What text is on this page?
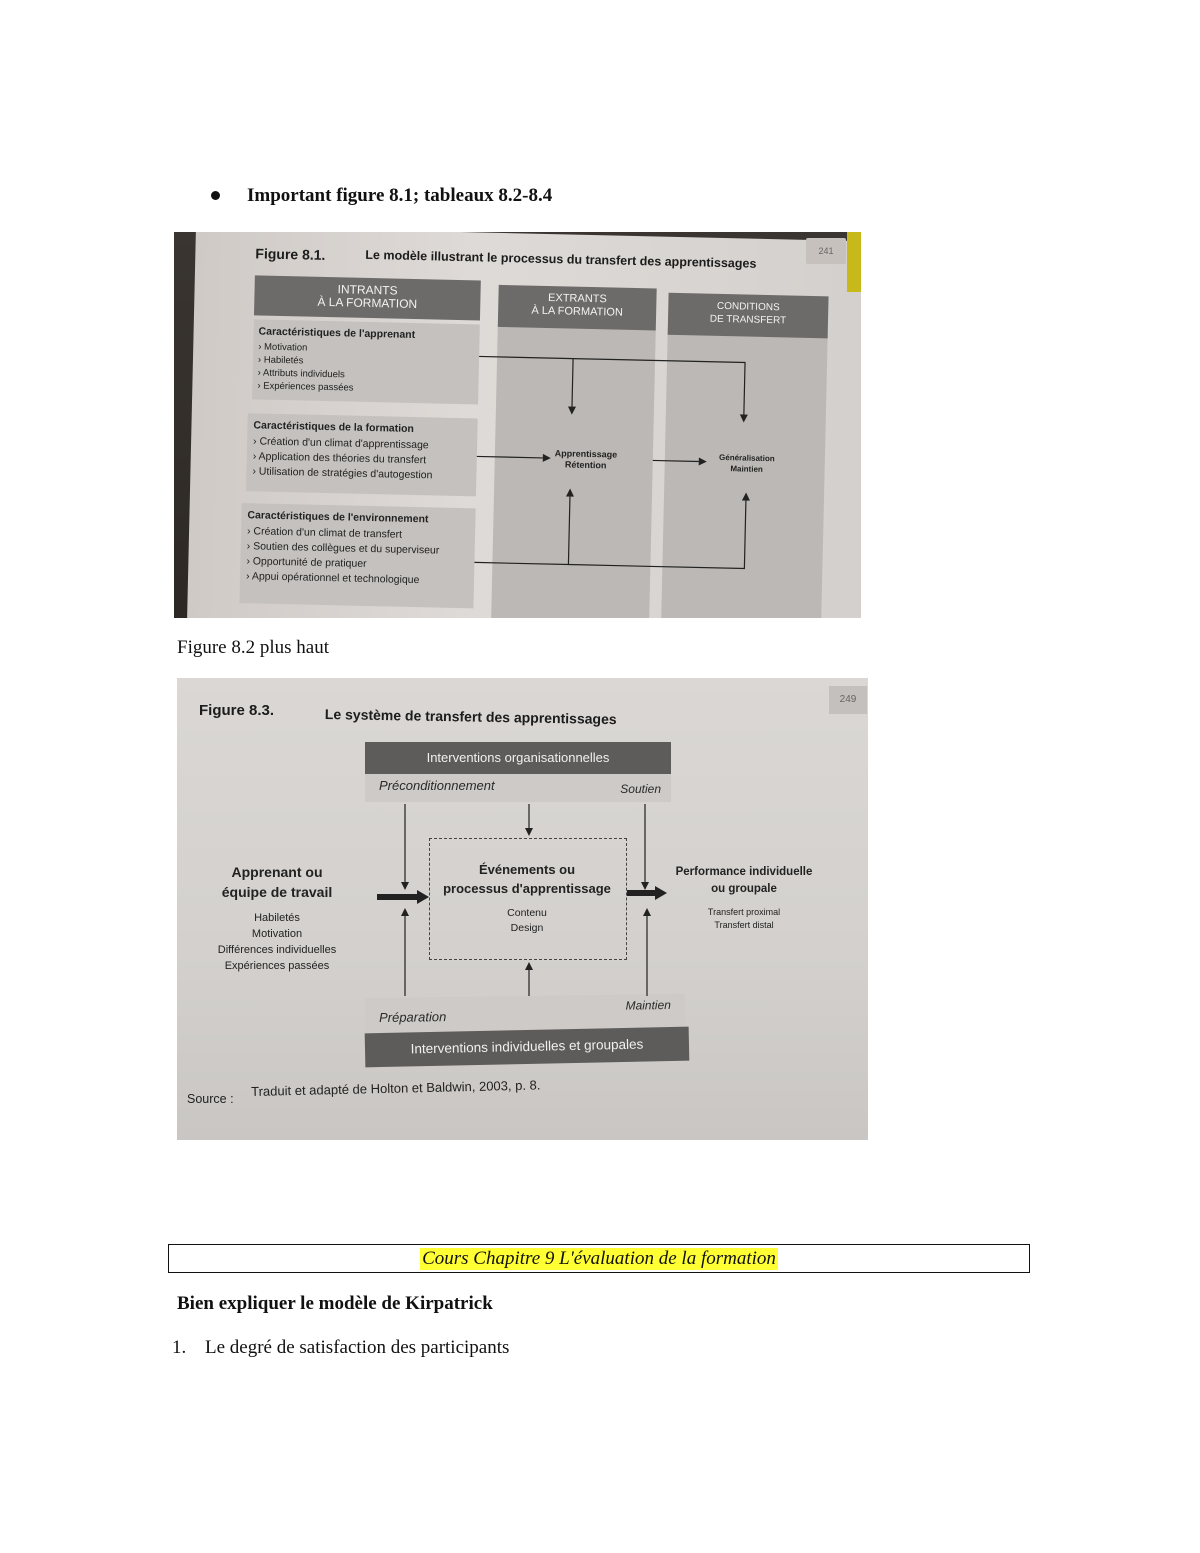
Important figure 8.1; tableaux 8.2-8.4
Figure 8.1.	Le modèle illustrant le processus du transfert des apprentissages
INTRANTS
À LA FORMATION	EXTRANTS
À LA FORMATION	CONDITIONS
DE TRANSFERT
Caractéristiques de l'apprenant
› Motivation
› Habiletés
› Attributs individuels
› Expériences passées
Caractéristiques de la formation
› Création d'un climat d'apprentissage
› Application des théories du transfert
› Utilisation de stratégies d'autogestion
Caractéristiques de l'environnement
› Création d'un climat de transfert
› Soutien des collègues et du superviseur
› Opportunité de pratiquer
› Appui opérationnel et technologique
Apprentissage
Rétention
Généralisation
Maintien
241
Figure 8.2 plus haut
Figure 8.3.	Le système de transfert des apprentissages
249
Interventions organisationnelles
Préconditionnement	Soutien
Apprenant ou
équipe de travail
Habiletés
Motivation
Différences individuelles
Expériences passées
Événements ou
processus d'apprentissage
Contenu
Design
Performance individuelle
ou groupale
Transfert proximal
Transfert distal
Préparation
Maintien
Interventions individuelles et groupales
Source :
Traduit et adapté de Holton et Baldwin, 2003, p. 8.
Cours Chapitre 9 L'évaluation de la formation
Bien expliquer le modèle de Kirpatrick
1. Le degré de satisfaction des participants
